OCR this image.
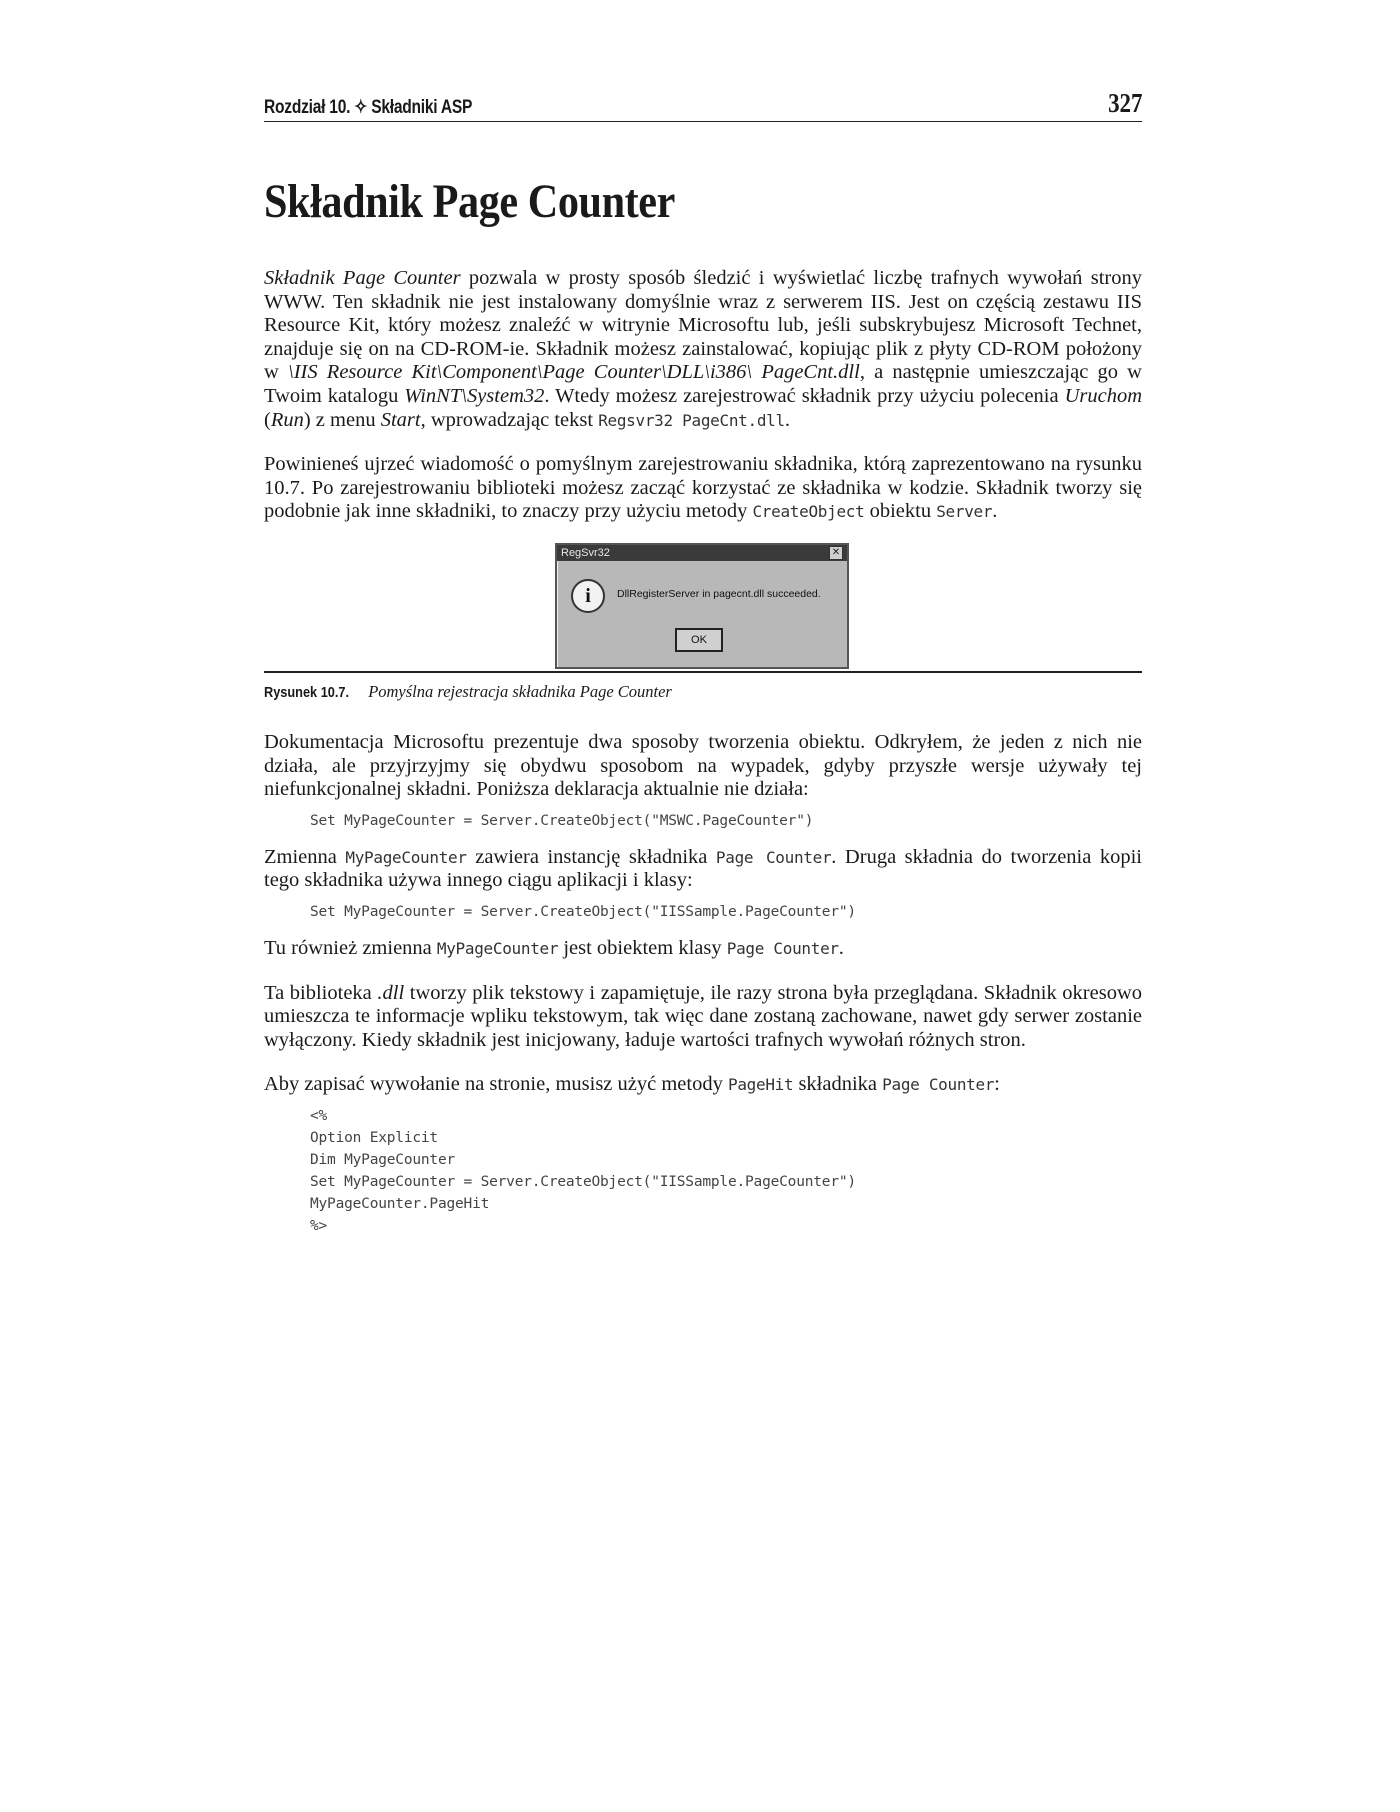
Rozdział 10. ✧ Składniki ASP	327
Składnik Page Counter

Składnik Page Counter pozwala w prosty sposób śledzić i wyświetlać liczbę trafnych wywołań strony WWW. Ten składnik nie jest instalowany domyślnie wraz z serwerem IIS. Jest on częścią zestawu IIS Resource Kit, który możesz znaleźć w witrynie Microsoftu lub, jeśli subskrybujesz Microsoft Technet, znajduje się on na CD-ROM-ie. Składnik możesz zainstalować, kopiując plik z płyty CD-ROM położony w \IIS Resource Kit\Component\Page Counter\DLL\i386\ PageCnt.dll, a następnie umieszczając go w Twoim katalogu WinNT\System32. Wtedy możesz zarejestrować składnik przy użyciu polecenia Uruchom (Run) z menu Start, wprowadzając tekst Regsvr32 PageCnt.dll.

Powinieneś ujrzeć wiadomość o pomyślnym zarejestrowaniu składnika, którą zaprezentowano na rysunku 10.7. Po zarejestrowaniu biblioteki możesz zacząć korzystać ze składnika w kodzie. Składnik tworzy się podobnie jak inne składniki, to znaczy przy użyciu metody CreateObject obiektu Server.

RegSvr32	✕
i	DllRegisterServer in pagecnt.dll succeeded.
OK
Rysunek 10.7. Pomyślna rejestracja składnika Page Counter

Dokumentacja Microsoftu prezentuje dwa sposoby tworzenia obiektu. Odkryłem, że jeden z nich nie działa, ale przyjrzyjmy się obydwu sposobom na wypadek, gdyby przyszłe wersje używały tej niefunkcjonalnej składni. Poniższa deklaracja aktualnie nie działa:

Set MyPageCounter = Server.CreateObject("MSWC.PageCounter")

Zmienna MyPageCounter zawiera instancję składnika Page Counter. Druga składnia do tworzenia kopii tego składnika używa innego ciągu aplikacji i klasy:

Set MyPageCounter = Server.CreateObject("IISSample.PageCounter")

Tu również zmienna MyPageCounter jest obiektem klasy Page Counter.

Ta biblioteka .dll tworzy plik tekstowy i zapamiętuje, ile razy strona była przeglądana. Składnik okresowo umieszcza te informacje wpliku tekstowym, tak więc dane zostaną zachowane, nawet gdy serwer zostanie wyłączony. Kiedy składnik jest inicjowany, ładuje wartości trafnych wywołań różnych stron.

Aby zapisać wywołanie na stronie, musisz użyć metody PageHit składnika Page Counter:

<%
Option Explicit
Dim MyPageCounter
Set MyPageCounter = Server.CreateObject("IISSample.PageCounter")
MyPageCounter.PageHit
%>
